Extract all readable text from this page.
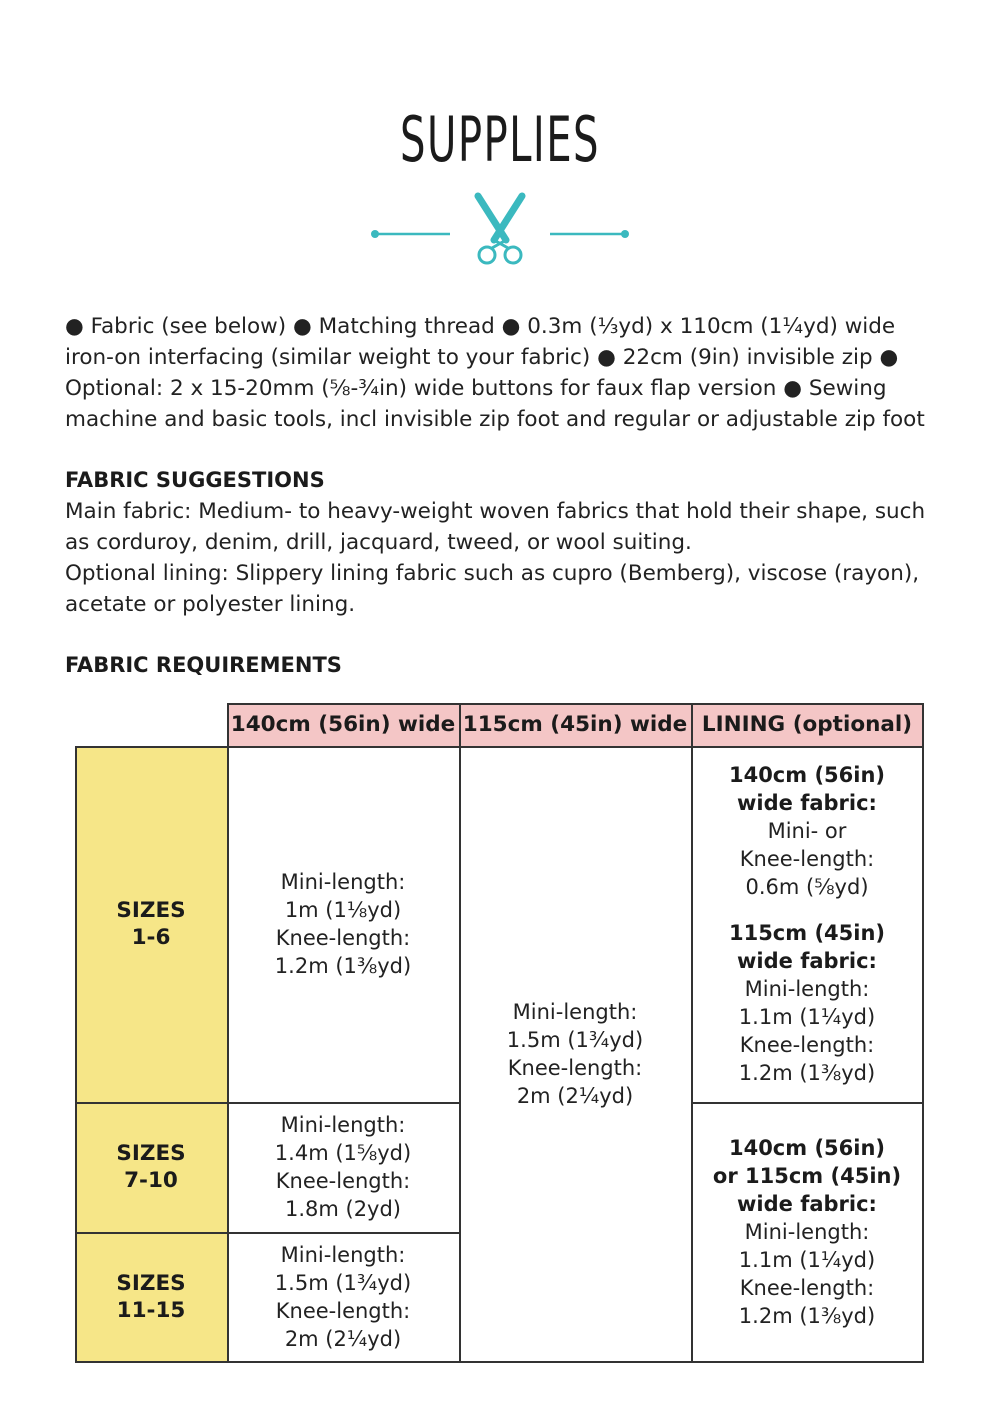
SUPPLIES
● Fabric (see below) ● Matching thread ● 0.3m (⅓yd) x 110cm (1¼yd) wide iron-on interfacing (similar weight to your fabric) ● 22cm (9in) invisible zip ● Optional: 2 x 15-20mm (⅝-¾in) wide buttons for faux flap version ● Sewing machine and basic tools, incl invisible zip foot and regular or adjustable zip foot
FABRIC SUGGESTIONS

Main fabric: Medium- to heavy-weight woven fabrics that hold their shape, such as corduroy, denim, drill, jacquard, tweed, or wool suiting.

Optional lining: Slippery lining fabric such as cupro (Bemberg), viscose (rayon), acetate or polyester lining.

FABRIC REQUIREMENTS
140cm (56in) wide 115cm (45in) wide LINING (optional)
SIZES
1-6
SIZES
7-10
SIZES
11-15
Mini-length:
1m (1⅛yd)
Knee-length:
1.2m (1⅜yd)
Mini-length:
1.4m (1⅝yd)
Knee-length:
1.8m (2yd)
Mini-length:
1.5m (1¾yd)
Knee-length:
2m (2¼yd)
Mini-length:
1.5m (1¾yd)
Knee-length:
2m (2¼yd)
140cm (56in)
wide fabric:
Mini- or
Knee-length:
0.6m (⅝yd)
115cm (45in)
wide fabric:
Mini-length:
1.1m (1¼yd)
Knee-length:
1.2m (1⅜yd)
140cm (56in)
or 115cm (45in)
wide fabric:
Mini-length:
1.1m (1¼yd)
Knee-length:
1.2m (1⅜yd)
